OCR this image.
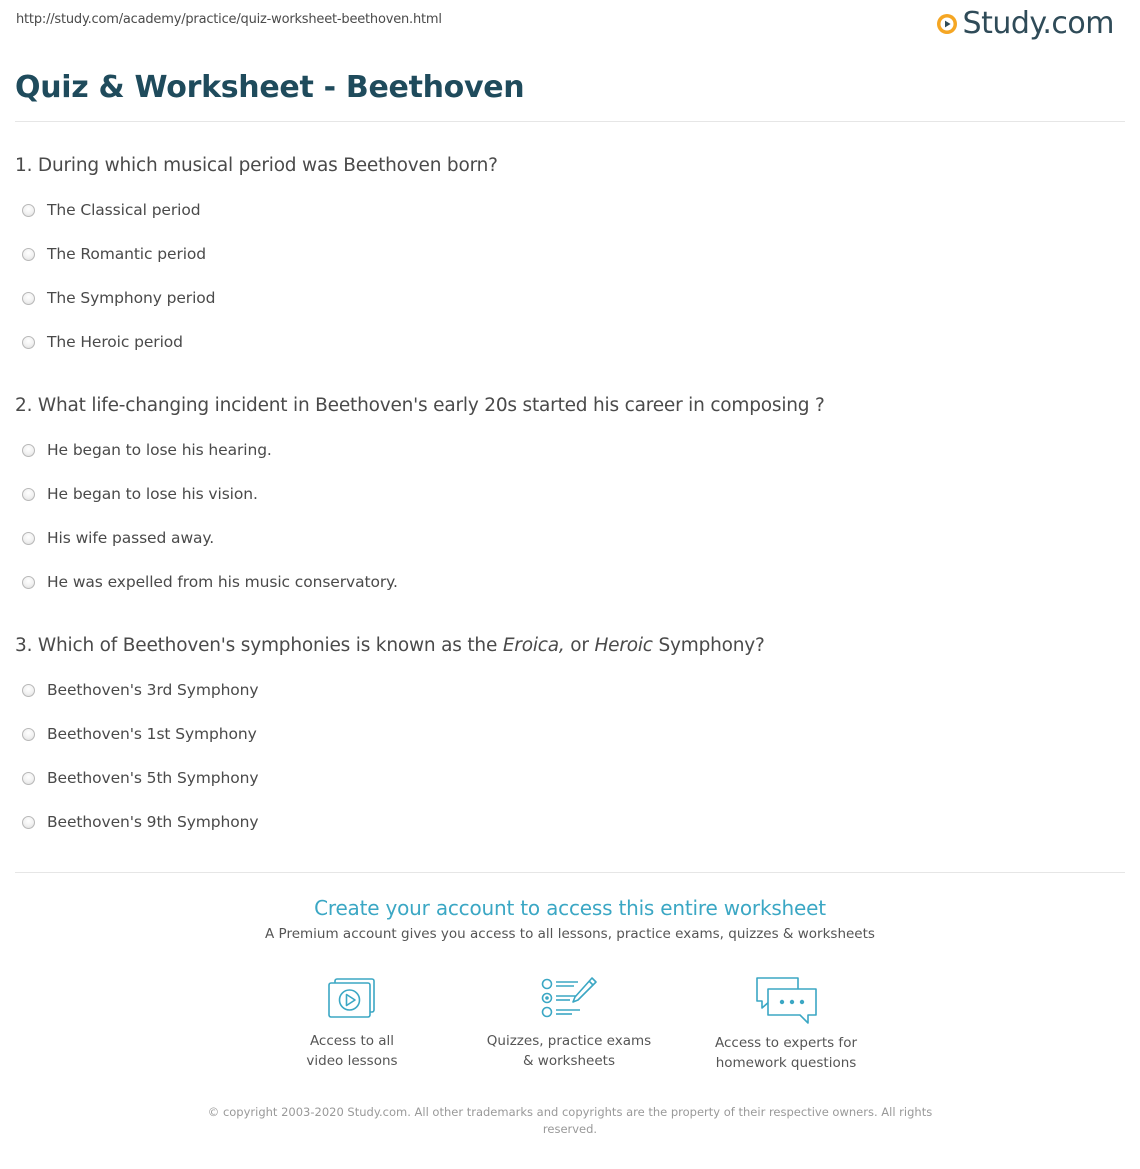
http://study.com/academy/practice/quiz-worksheet-beethoven.html	Study.com
Quiz & Worksheet - Beethoven
1. During which musical period was Beethoven born?
The Classical period
The Romantic period
The Symphony period
The Heroic period
2. What life-changing incident in Beethoven's early 20s started his career in composing ?
He began to lose his hearing.
He began to lose his vision.
His wife passed away.
He was expelled from his music conservatory.
3. Which of Beethoven's symphonies is known as the Eroica, or Heroic Symphony?
Beethoven's 3rd Symphony
Beethoven's 1st Symphony
Beethoven's 5th Symphony
Beethoven's 9th Symphony
Create your account to access this entire worksheet
A Premium account gives you access to all lessons, practice exams, quizzes & worksheets
Access to all
video lessons
Quizzes, practice exams
& worksheets
Access to experts for
homework questions
© copyright 2003-2020 Study.com. All other trademarks and copyrights are the property of their respective owners. All rights
reserved.
